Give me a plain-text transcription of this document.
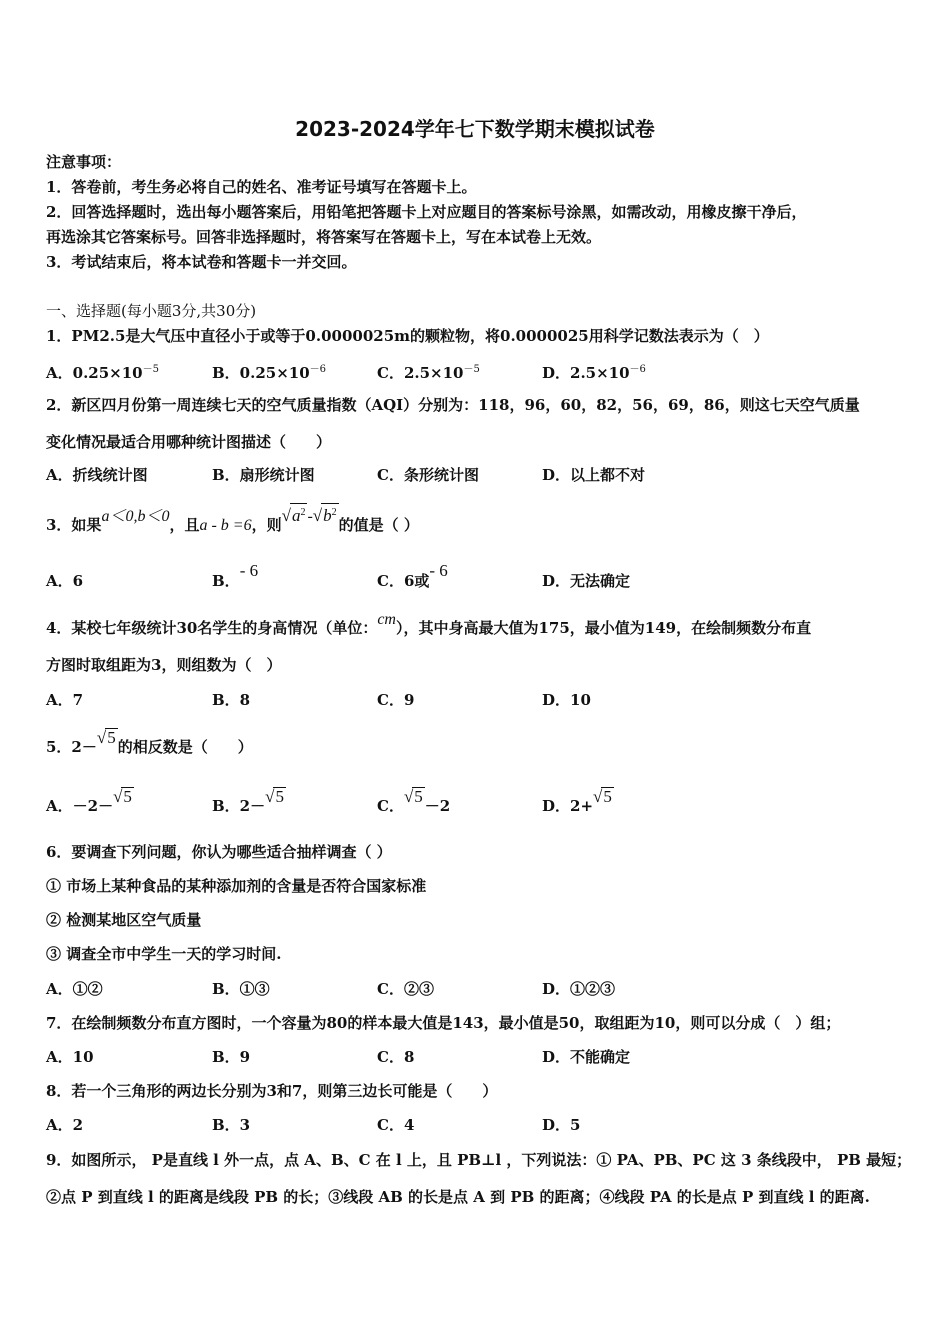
2023-2024学年七下数学期末模拟试卷
注意事项：
1．答卷前，考生务必将自己的姓名、准考证号填写在答题卡上。
2．回答选择题时，选出每小题答案后，用铅笔把答题卡上对应题目的答案标号涂黑，如需改动，用橡皮擦干净后，
再选涂其它答案标号。回答非选择题时，将答案写在答题卡上，写在本试卷上无效。
3．考试结束后，将本试卷和答题卡一并交回。
一、选择题(每小题3分,共30分)
1．PM2.5是大气压中直径小于或等于0.0000025m的颗粒物，将0.0000025用科学记数法表示为（　）
A．$0.25\times 10^{-5}$	B．$0.25\times 10^{-6}$	C．$2.5\times 10^{-5}$	D．$2.5\times 10^{-6}$
2．新区四月份第一周连续七天的空气质量指数（AQI）分别为：118，96，60，82，56，69，86，则这七天空气质量
变化情况最适合用哪种统计图描述（　　）
A．折线统计图	B．扇形统计图	C．条形统计图	D．以上都不对
3．如果a＜0,b＜0，且a - b =6，则$√a^2$ $-√b^2$的值是（ ）
A．6	B．- 6
C．6或- 6
D．无法确定
4．某校七年级统计30名学生的身高情况（单位：cm），其中身高最大值为175，最小值为149，在绘制频数分布直
方图时取组距为3，则组数为（　）
A．7	B．8	C．9	D．10
5．2－√5 的相反数是（　　）
A．－2－√5	B．2－√5	C．√5 －2	D．2+√5
6．要调查下列问题，你认为哪些适合抽样调查（ ）
① 市场上某种食品的某种添加剂的含量是否符合国家标准
② 检测某地区空气质量
③ 调查全市中学生一天的学习时间.
A．①②	B．①③	C．②③	D．①②③
7．在绘制频数分布直方图时，一个容量为80的样本最大值是143，最小值是50，取组距为10，则可以分成（　）组；
A．10	B．9	C．8	D．不能确定
8．若一个三角形的两边长分别为3和7，则第三边长可能是（　　）
A．2	B．3	C．4	D．5
9．如图所示， P是直线 l 外一点，点 A、B、C 在 l 上，且 PB⊥l ，下列说法：① PA、PB、PC 这 3 条线段中， PB 最短；
②点 P 到直线 l 的距离是线段 PB 的长；③线段 AB 的长是点 A 到 PB 的距离；④线段 PA 的长是点 P 到直线 l 的距离.
